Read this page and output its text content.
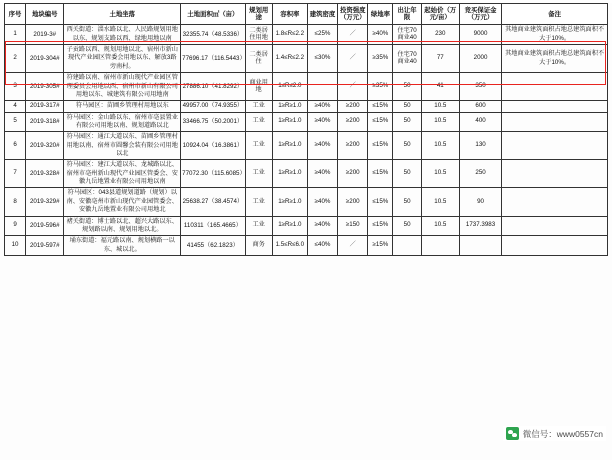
序号	地块编号	土地坐落	土地面积㎡（亩）	规划用途	容积率	建筑密度	投资强度（万元）	绿地率	出让年限	起始价（万元/亩）	竞买保证金（万元）	备注
1	2019-3#	西关街道：淄水路以北、人民路规划用地以东、规划支路以西、绿地用地以南	32355.74（48.5336）	二类居住用地	1.8≤R≤2.2	≤25%	／	≥40%	住宅70商业40	230	9000	其地商业建筑面积占地总建筑面积不大于10%。
2	2019-304#	子贡路以西、规划用地以北、宿州市新山现代产业园区管委会用地以东、解放3路旁南村。	77696.17（116.5443）	二类居住	1.4≤R≤2.2	≤30%	／	≥35%	住宅70商业40	77	2000	其地商业建筑面积占地总建筑面积不大于10%。
3	2019-305#	符建路以南、宿州市新山现代产业园区管理委员会用地以西、宿州市新山有限公司用地以东、城建筑有限公司用地南	27886.10（41.8292）	商业用地	1≤R≤2.0		／	≥35%	50	41	350	
4	2019-317#	符马园区：苗圃乡管理村用地以东	49957.00（74.9355）	工业	1≥R≥1.0	≥40%	≥200	≤15%	50	10.5	600	
5	2019-318#	符马园区：金山路以东、宿州市亳县置业有限公司用地以南、规划道路以北	33466.75（50.2001）	工业	1≥R≥1.0	≥40%	≥200	≤15%	50	10.5	400	
6	2019-320#	符马园区：通江大道以东、苗圃乡管理村用地以南、宿州市圆馨会装有限公司用地以北	10924.04（16.3861）	工业	1≥R≥1.0	≥40%	≥200	≤15%	50	10.5	130	
7	2019-328#	符马园区：建江大道以东、龙城路以北、宿州市亳州新山现代产业园区管委会、安徽九岳地置业有限公司用地以南	77072.30（115.6085）	工业	1≥R≥1.0	≥40%	≥200	≤15%	50	10.5	250	
8	2019-329#	符马园区：043县道规划道路（规划）以南、安徽亳州市新山现代产业园管委会、安徽九岳地置业有限公司用地北	25638.27（38.4574）	工业	1≥R≥1.0	≥40%	≥200	≤15%	50	10.5	90	
9	2019-596#	褚关街道：博士路以北、超兴大路以东、规划路以南、规划用地以北。	110311（165.4665）	工业	1≥R≥1.0	≥40%	≥150	≤15%	50	10.5	1737.3983	
10	2019-597#	埇东街道：福元路以南、规划横路一以东、城以北。	41455（62.1823）	商务	1.5≤R≤6.0	≤40%	／	≥15%				
微信号：www0557cn
